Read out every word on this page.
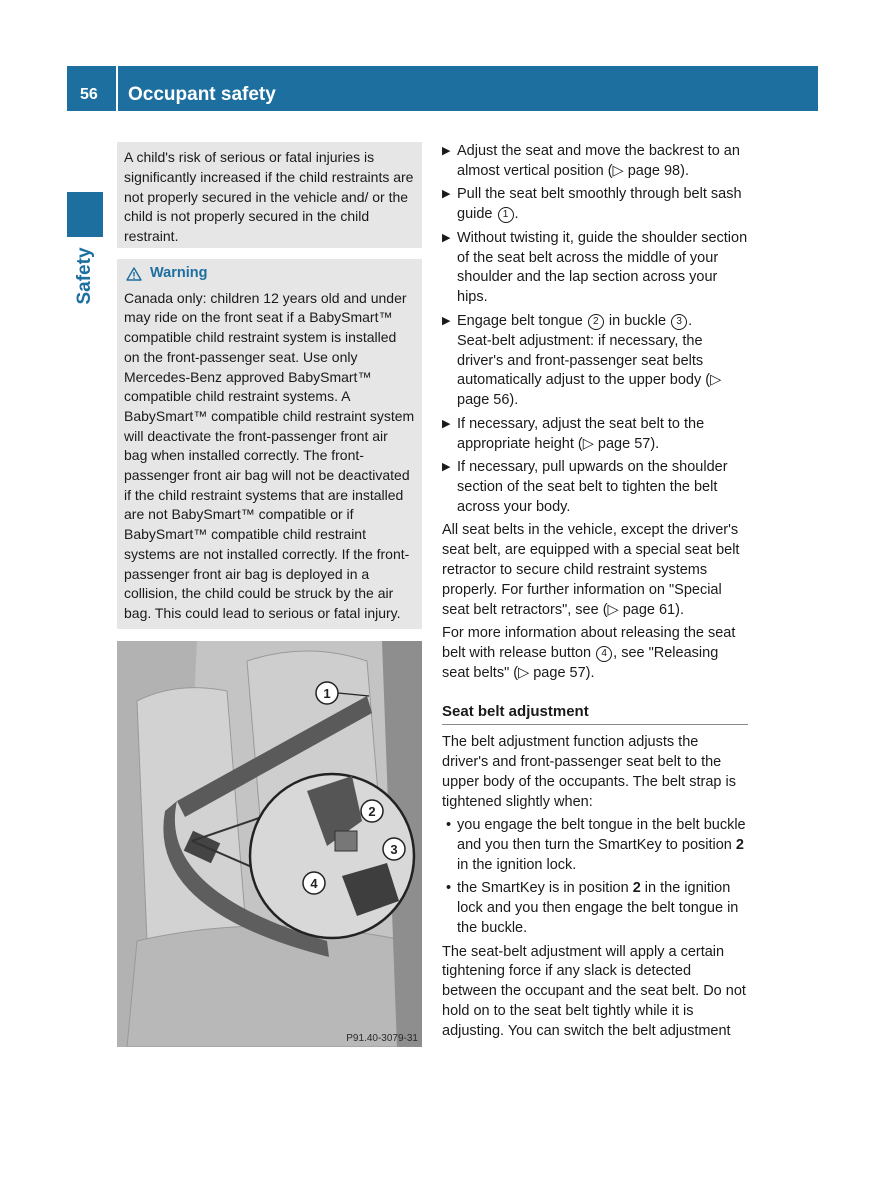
56 Occupant safety
Safety
A child's risk of serious or fatal injuries is significantly increased if the child restraints are not properly secured in the vehicle and/ or the child is not properly secured in the child restraint.
Warning
Canada only: children 12 years old and under may ride on the front seat if a BabySmart™ compatible child restraint system is installed on the front-passenger seat. Use only Mercedes-Benz approved BabySmart™ compatible child restraint systems. A BabySmart™ compatible child restraint system will deactivate the front-passenger front air bag when installed correctly. The front-passenger front air bag will not be deactivated if the child restraint systems that are installed are not BabySmart™ compatible or if BabySmart™ compatible child restraint systems are not installed correctly. If the front-passenger front air bag is deployed in a collision, the child could be struck by the air bag. This could lead to serious or fatal injury.
1
2
3
4
P91.40-3079-31
▶ Adjust the seat and move the backrest to an almost vertical position (▷ page 98).
▶ Pull the seat belt smoothly through belt sash guide 1 .
▶ Without twisting it, guide the shoulder section of the seat belt across the middle of your shoulder and the lap section across your hips.
▶ Engage belt tongue 2 in buckle 3 .
Seat-belt adjustment: if necessary, the driver's and front-passenger seat belts automatically adjust to the upper body (▷ page 56).
▶ If necessary, adjust the seat belt to the appropriate height (▷ page 57).
▶ If necessary, pull upwards on the shoulder section of the seat belt to tighten the belt across your body.
All seat belts in the vehicle, except the driver's seat belt, are equipped with a special seat belt retractor to secure child restraint systems properly. For further information on "Special seat belt retractors", see (▷ page 61).
For more information about releasing the seat belt with release button 4 , see "Releasing seat belts" (▷ page 57).
Seat belt adjustment
The belt adjustment function adjusts the driver's and front-passenger seat belt to the upper body of the occupants. The belt strap is tightened slightly when:
• you engage the belt tongue in the belt buckle and you then turn the SmartKey to position 2 in the ignition lock.
• the SmartKey is in position 2 in the ignition lock and you then engage the belt tongue in the buckle.
The seat-belt adjustment will apply a certain tightening force if any slack is detected between the occupant and the seat belt. Do not hold on to the seat belt tightly while it is adjusting. You can switch the belt adjustment
